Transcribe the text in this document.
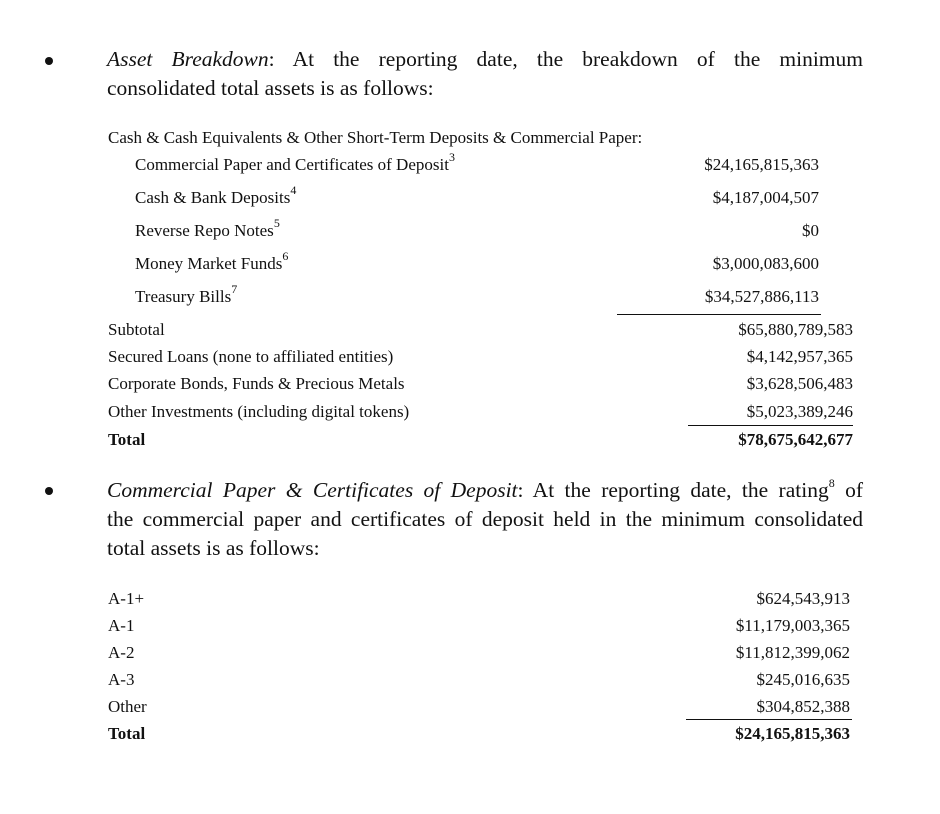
Asset Breakdown: At the reporting date, the breakdown of the minimum
consolidated total assets is as follows:
Cash & Cash Equivalents & Other Short-Term Deposits & Commercial Paper:
Commercial Paper and Certificates of Deposit$^3$	$24,165,815,363
Cash & Bank Deposits$^4$	$4,187,004,507
Reverse Repo Notes$^5$	$0
Money Market Funds$^6$	$3,000,083,600
Treasury Bills$^7$	$34,527,886,113
Subtotal	$65,880,789,583
Secured Loans (none to affiliated entities)	$4,142,957,365
Corporate Bonds, Funds & Precious Metals	$3,628,506,483
Other Investments (including digital tokens)	$5,023,389,246
Total	$78,675,642,677
Commercial Paper & Certificates of Deposit: At the reporting date, the rating$^8$ of
the commercial paper and certificates of deposit held in the minimum consolidated
total assets is as follows:
A-1+	$624,543,913
A-1	$11,179,003,365
A-2	$11,812,399,062
A-3	$245,016,635
Other	$304,852,388
Total	$24,165,815,363
